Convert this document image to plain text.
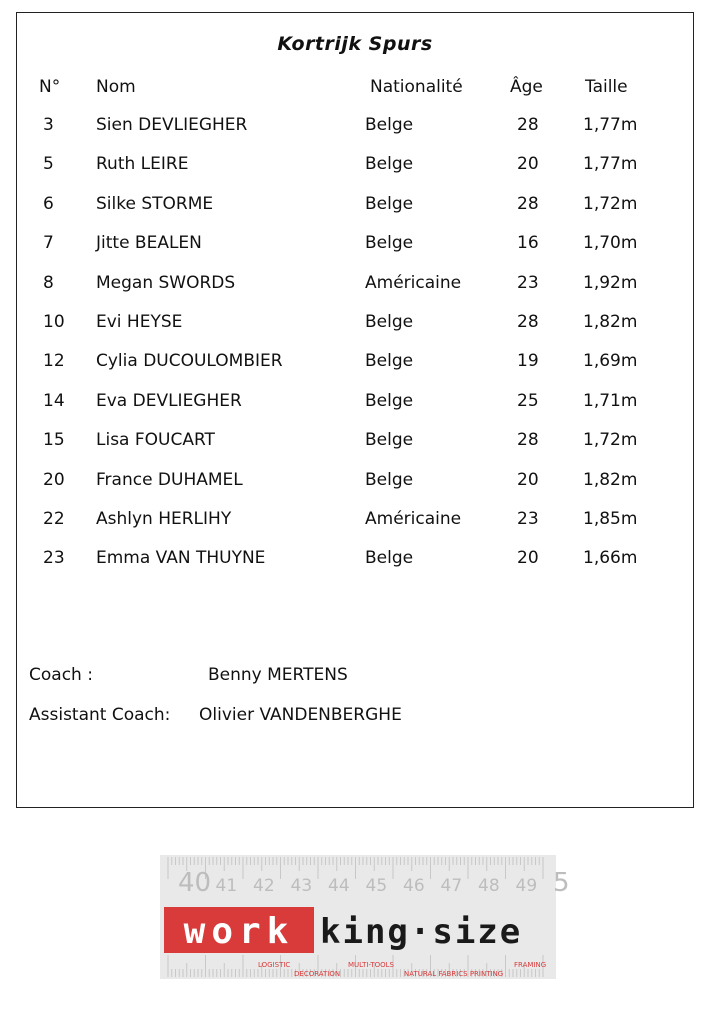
Kortrijk Spurs
N° Nom	Nationalité	Âge Taille
3 Sien DEVLIEGHER	Belge	28	1,77m
5 Ruth LEIRE	Belge	20	1,77m
6 Silke STORME	Belge	28	1,72m
7 Jitte BEALEN	Belge	16	1,70m
8 Megan SWORDS	Américaine	23	1,92m
10 Evi HEYSE	Belge	28	1,82m
12 Cylia DUCOULOMBIER	Belge	19	1,69m
14 Eva DEVLIEGHER	Belge	25	1,71m
15 Lisa FOUCART	Belge	28	1,72m
20 France DUHAMEL	Belge	20	1,82m
22 Ashlyn HERLIHY	Américaine	23	1,85m
23 Emma VAN THUYNE	Belge	20	1,66m
Coach :	Benny MERTENS
Assistant Coach: Olivier VANDENBERGHE
40 41 42 43 44 45 46 47 48 49 5
work king·size
LOGISTIC
DECORATION
MULTI-TOOLS
NATURAL FABRICS PRINTING
FRAMING
